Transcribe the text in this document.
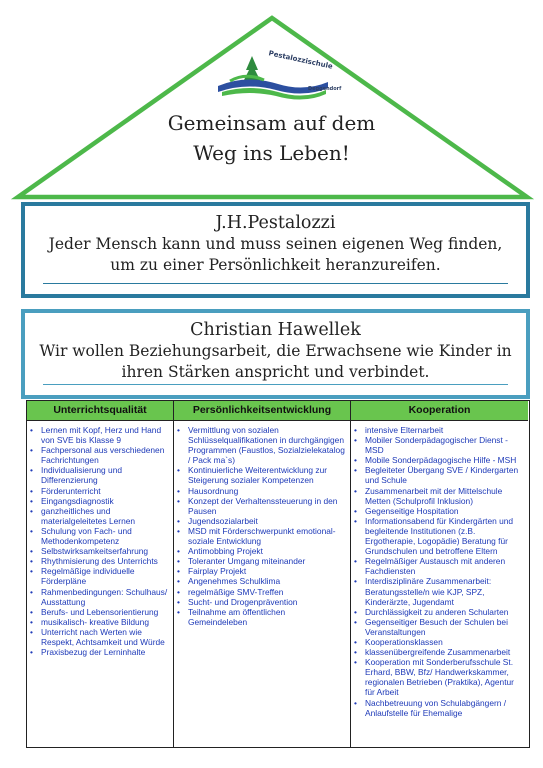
Pestalozzischule
Deggendorf
Gemeinsam auf dem
Weg ins Leben!
J.H.Pestalozzi
Jeder Mensch kann und muss seinen eigenen Weg finden,
um zu einer Persönlichkeit heranzureifen.
Christian Hawellek
Wir wollen Beziehungsarbeit, die Erwachsene wie Kinder in
ihren Stärken anspricht und verbindet.
Unterrichtsqualität
• Lernen mit Kopf, Herz und Hand von SVE bis Klasse 9
• Fachpersonal aus verschiedenen Fachrichtungen
• Individualisierung und Differenzierung
• Förderunterricht
• Eingangsdiagnostik
• ganzheitliches und materialgeleitetes Lernen
• Schulung von Fach- und Methodenkompetenz
• Selbstwirksamkeitserfahrung
• Rhythmisierung des Unterrichts
• Regelmäßige individuelle Förderpläne
• Rahmenbedingungen: Schulhaus/ Ausstattung
• Berufs- und Lebensorientierung
• musikalisch- kreative Bildung
• Unterricht nach Werten wie Respekt, Achtsamkeit und Würde
• Praxisbezug der Lerninhalte
Persönlichkeitsentwicklung
• Vermittlung von sozialen Schlüsselqualifikationen in durchgängigen Programmen (Faustlos, Sozialzielekatalog / Pack ma`s)
• Kontinuierliche Weiterentwicklung zur Steigerung sozialer Kompetenzen
• Hausordnung
• Konzept der Verhaltenssteuerung in den Pausen
• Jugendsozialarbeit
• MSD mit Förderschwerpunkt emotional-soziale Entwicklung
• Antimobbing Projekt
• Toleranter Umgang miteinander
• Fairplay Projekt
• Angenehmes Schulklima
• regelmäßige SMV-Treffen
• Sucht- und Drogenprävention
• Teilnahme am öffentlichen Gemeindeleben
Kooperation
• intensive Elternarbeit
• Mobiler Sonderpädagogischer Dienst - MSD
• Mobile Sonderpädagogische Hilfe - MSH
• Begleiteter Übergang SVE / Kindergarten und Schule
• Zusammenarbeit mit der Mittelschule Metten (Schulprofil Inklusion)
• Gegenseitige Hospitation
• Informationsabend für Kindergärten und begleitende Institutionen (z.B. Ergotherapie, Logopädie) Beratung für Grundschulen und betroffene Eltern
• Regelmäßiger Austausch mit anderen Fachdiensten
• Interdisziplinäre Zusammenarbeit: Beratungsstelle/n wie KJP, SPZ, Kinderärzte, Jugendamt
• Durchlässigkeit zu anderen Schularten
• Gegenseitiger Besuch der Schulen bei Veranstaltungen
• Kooperationsklassen
• klassenübergreifende Zusammenarbeit
• Kooperation mit Sonderberufsschule St. Erhard, BBW, Bfz/ Handwerkskammer, regionalen Betrieben (Praktika), Agentur für Arbeit
• Nachbetreuung von Schulabgängern / Anlaufstelle für Ehemalige
